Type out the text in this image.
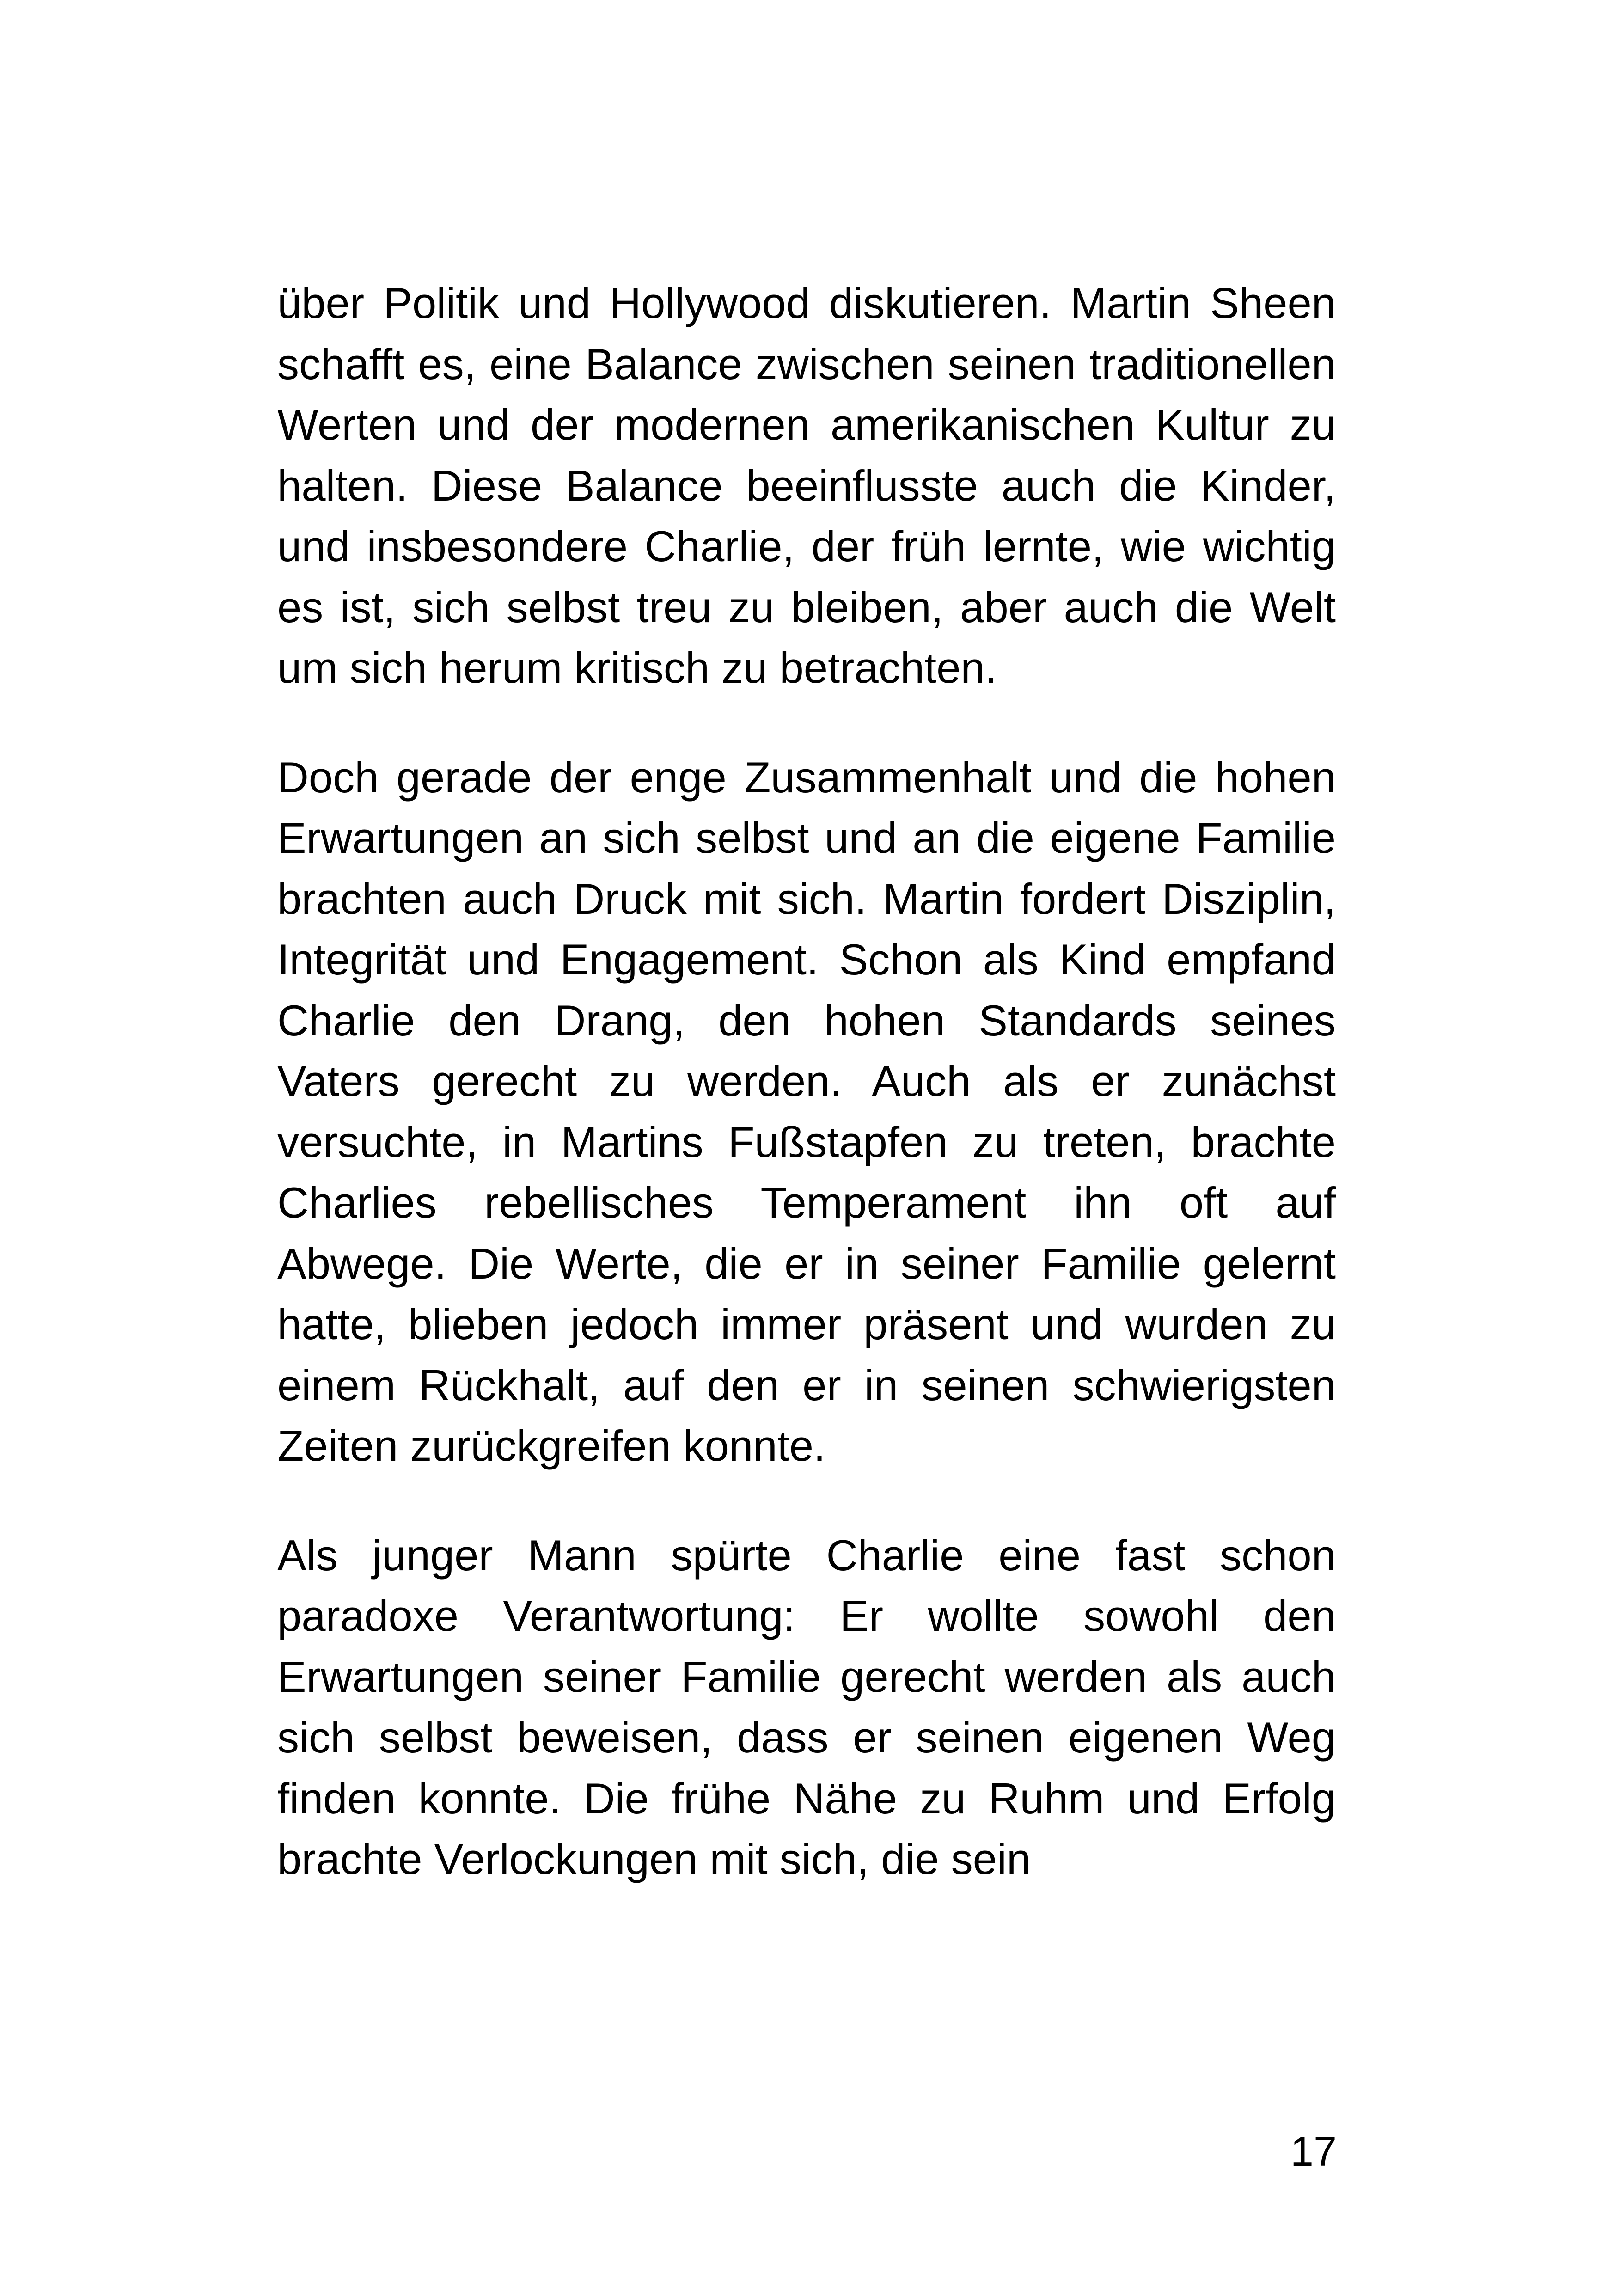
über Politik und Hollywood diskutieren. Martin Sheen schafft es, eine Balance zwischen seinen traditionellen Werten und der modernen amerikanischen Kultur zu halten. Diese Balance beeinflusste auch die Kinder, und insbesondere Charlie, der früh lernte, wie wichtig es ist, sich selbst treu zu bleiben, aber auch die Welt um sich herum kritisch zu betrachten.

Doch gerade der enge Zusammenhalt und die hohen Erwartungen an sich selbst und an die eigene Familie brachten auch Druck mit sich. Martin fordert Disziplin, Integrität und Engagement. Schon als Kind empfand Charlie den Drang, den hohen Standards seines Vaters gerecht zu werden. Auch als er zunächst versuchte, in Martins Fußstapfen zu treten, brachte Charlies rebellisches Temperament ihn oft auf Abwege. Die Werte, die er in seiner Familie gelernt hatte, blieben jedoch immer präsent und wurden zu einem Rückhalt, auf den er in seinen schwierigsten Zeiten zurückgreifen konnte.

Als junger Mann spürte Charlie eine fast schon paradoxe Verantwortung: Er wollte sowohl den Erwartungen seiner Familie gerecht werden als auch sich selbst beweisen, dass er seinen eigenen Weg finden konnte. Die frühe Nähe zu Ruhm und Erfolg brachte Verlockungen mit sich, die sein

17
